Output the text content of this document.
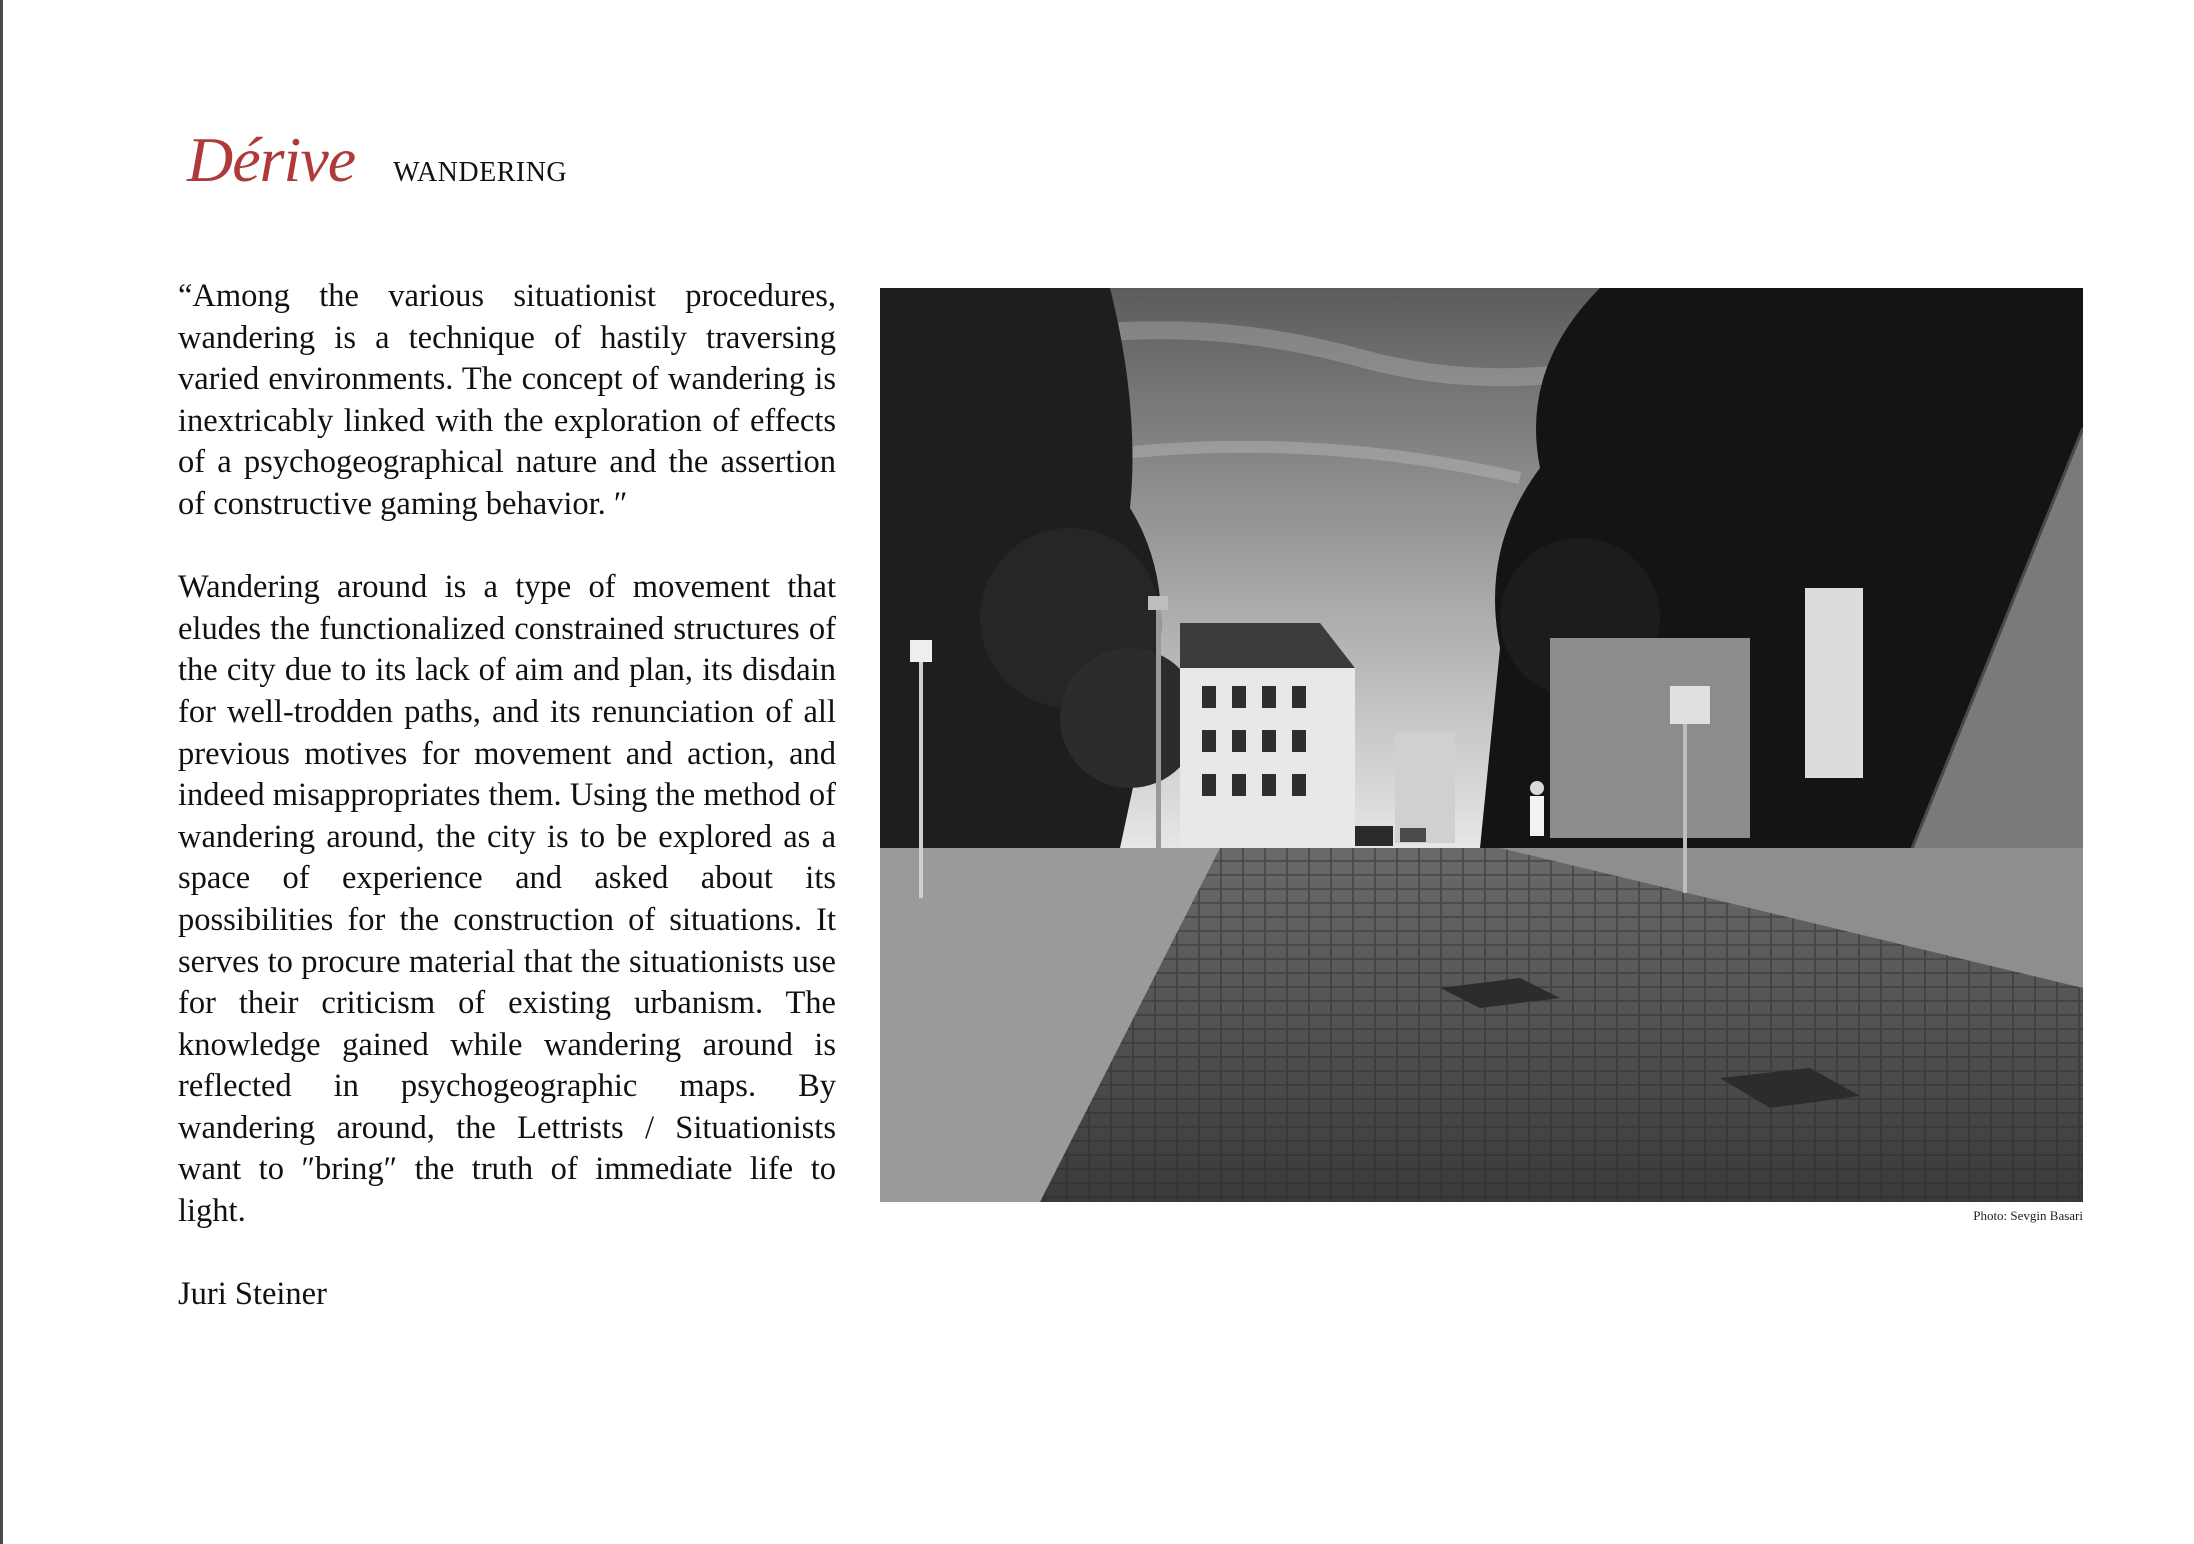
Dérive WANDERING

“Among the various situationist procedures, wandering is a technique of hastily traversing varied environments. The concept of wandering is inextricably linked with the exploration of effects of a psychogeographical nature and the assertion of constructive gaming behavior. ″

Wandering around is a type of movement that eludes the functionalized constrained structures of the city due to its lack of aim and plan, its disdain for well-trodden paths, and its renunciation of all previous motives for movement and action, and indeed misappropriates them. Using the method of wandering around, the city is to be explored as a space of experience and asked about its possibilities for the construction of situations. It serves to procure material that the situationists use for their criticism of existing urbanism. The knowledge gained while wandering around is reflected in psychogeographic maps. By wandering around, the Lettrists / Situationists want to ″bring″ the truth of immediate life to light.

Juri Steiner

Photo: Sevgin Basari
